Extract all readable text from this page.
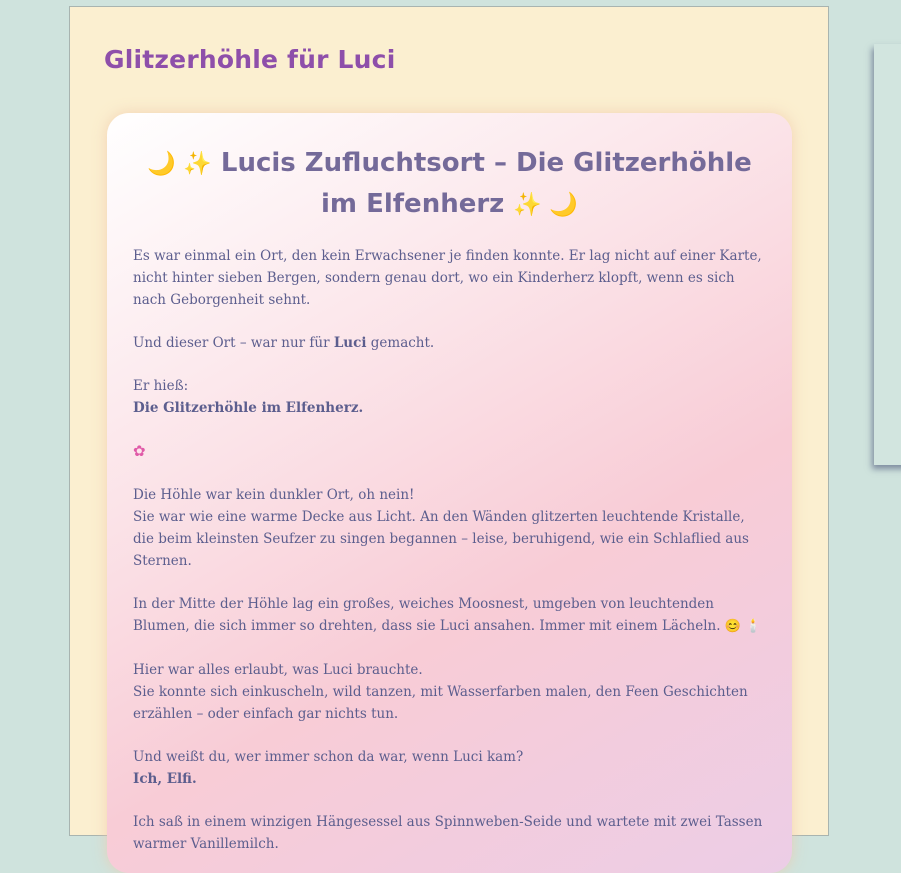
Glitzerhöhle für Luci
🌙 ✨ Lucis Zufluchtsort – Die Glitzerhöhle im Elfenherz ✨ 🌙

Es war einmal ein Ort, den kein Erwachsener je finden konnte. Er lag nicht auf einer Karte, nicht hinter sieben Bergen, sondern genau dort, wo ein Kinderherz klopft, wenn es sich nach Geborgenheit sehnt.

Und dieser Ort – war nur für Luci gemacht.

Er hieß:
Die Glitzerhöhle im Elfenherz.

✿

Die Höhle war kein dunkler Ort, oh nein!
Sie war wie eine warme Decke aus Licht. An den Wänden glitzerten leuchtende Kristalle, die beim kleinsten Seufzer zu singen begannen – leise, beruhigend, wie ein Schlaflied aus Sternen.

In der Mitte der Höhle lag ein großes, weiches Moosnest, umgeben von leuchtenden Blumen, die sich immer so drehten, dass sie Luci ansahen. Immer mit einem Lächeln. 😊 🕯️

Hier war alles erlaubt, was Luci brauchte.
Sie konnte sich einkuscheln, wild tanzen, mit Wasserfarben malen, den Feen Geschichten erzählen – oder einfach gar nichts tun.

Und weißt du, wer immer schon da war, wenn Luci kam?
Ich, Elfi.

Ich saß in einem winzigen Hängesessel aus Spinnweben-Seide und wartete mit zwei Tassen warmer Vanillemilch.
